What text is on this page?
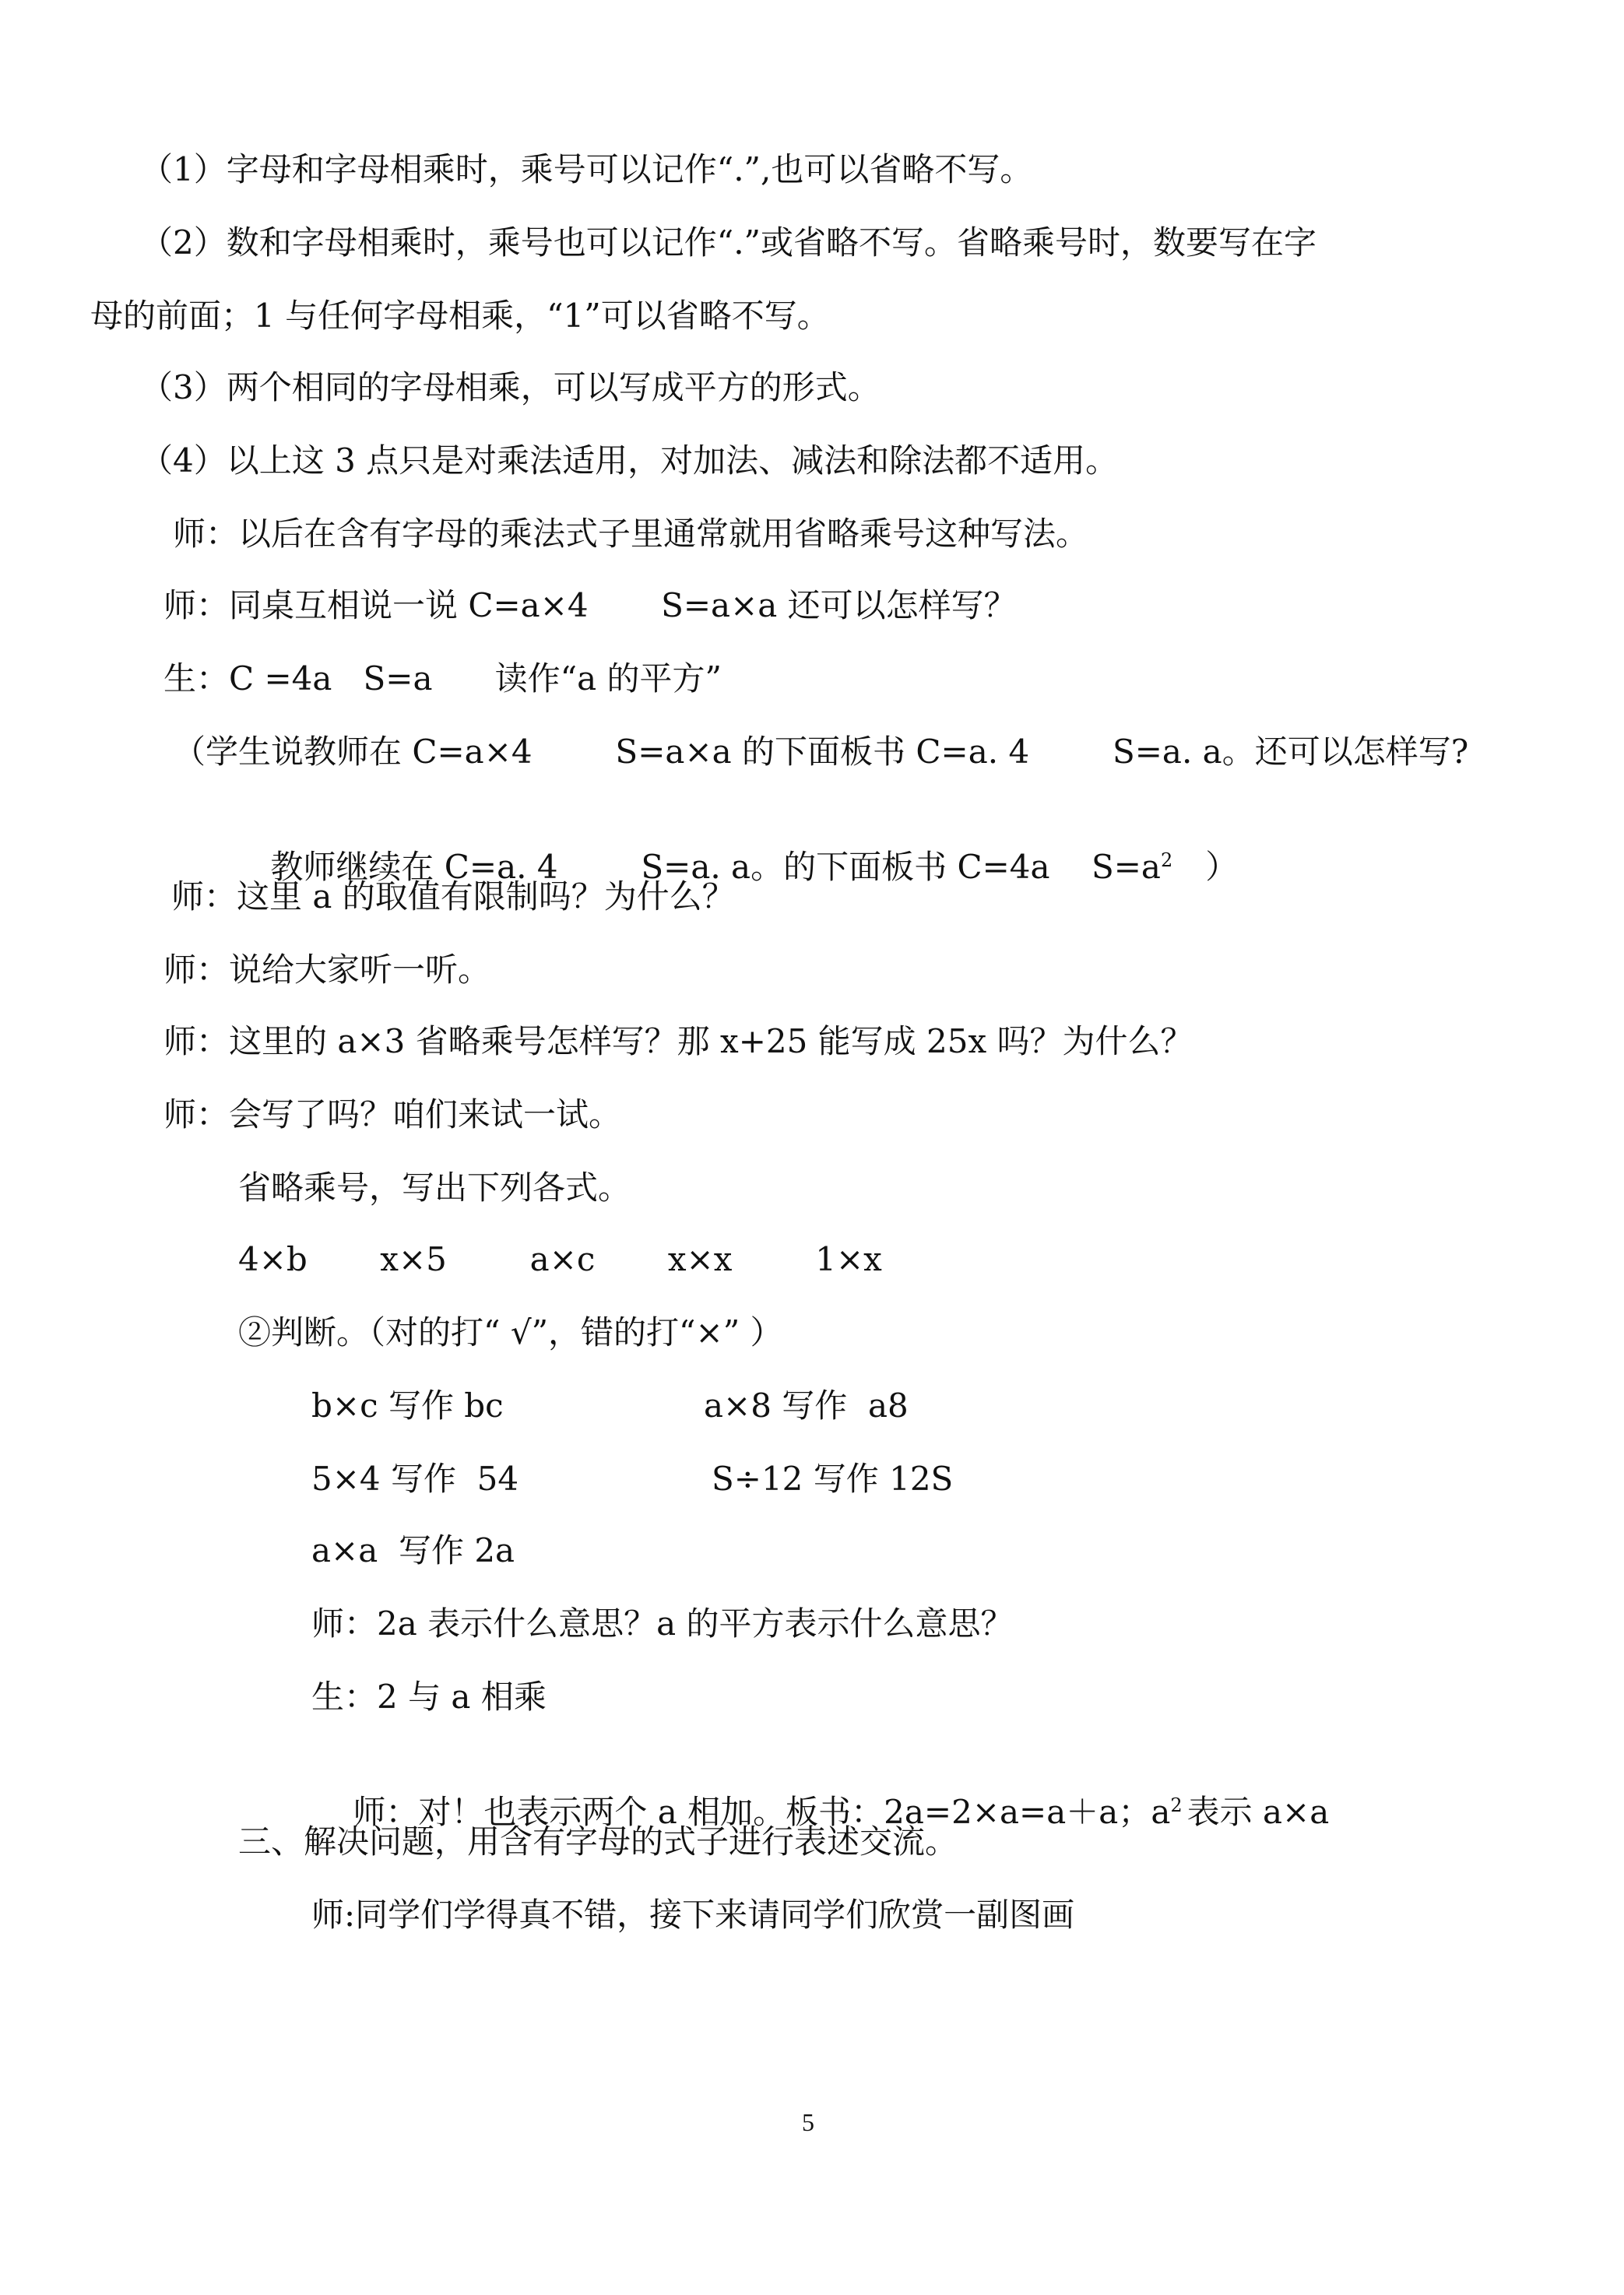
（1）字母和字母相乘时，乘号可以记作“.”,也可以省略不写。
（2）数和字母相乘时，乘号也可以记作“.”或省略不写。省略乘号时，数要写在字
母的前面；1 与任何字母相乘，“1”可以省略不写。
（3）两个相同的字母相乘，可以写成平方的形式。
（4）以上这 3 点只是对乘法适用，对加法、减法和除法都不适用。
师：以后在含有字母的乘法式子里通常就用省略乘号这种写法。
师：同桌互相说一说 C=a×4       S=a×a 还可以怎样写？
生：C =4a   S=a      读作“a 的平方”
（学生说教师在 C=a×4        S=a×a 的下面板书 C=a. 4        S=a. a。还可以怎样写?

教师继续在 C=a. 4        S=a. a。的下面板书 C=4a    $S=a^2$ ）

师：这里 a 的取值有限制吗？为什么？
师：说给大家听一听。
师：这里的 a×3 省略乘号怎样写？那 x+25 能写成 25x 吗？为什么？
师：会写了吗？咱们来试一试。
省略乘号，写出下列各式。
4×b       x×5        a×c       x×x        1×x
②判断。（对的打“ √”，错的打“×” ）
b×c 写作 bc	a×8 写作  a8
5×4 写作  54	S÷12 写作 12S
a×a  写作 2a
师：2a 表示什么意思？a 的平方表示什么意思？
生：2 与 a 相乘

师：对！也表示两个 a 相加。板书：2a=2×a=a＋a；$a^2$ 表示 a×a

三、解决问题，用含有字母的式子进行表述交流。
师:同学们学得真不错，接下来请同学们欣赏一副图画
5
